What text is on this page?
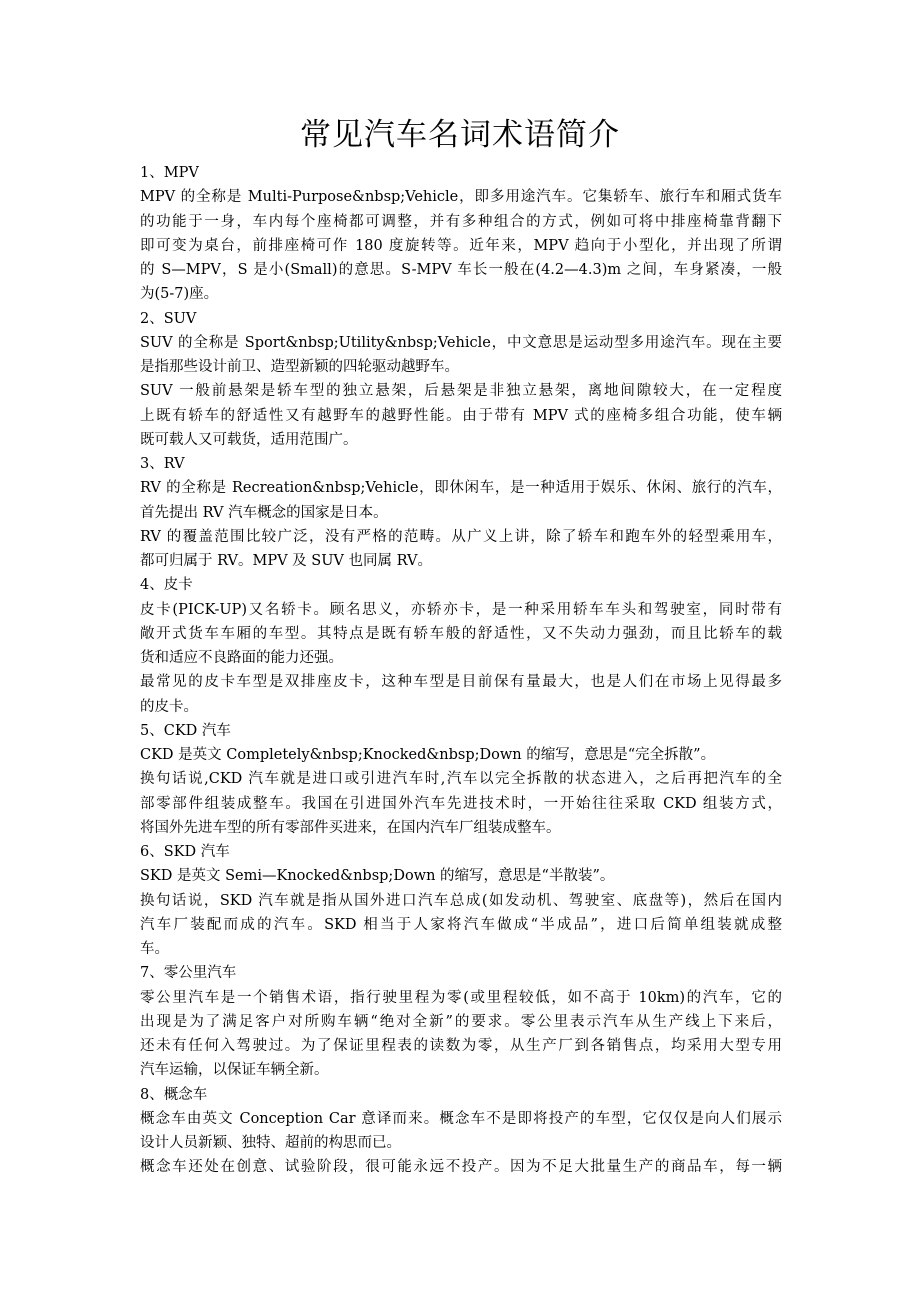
常见汽车名词术语简介
1、MPV
MPV 的全称是 Multi-Purpose&nbsp;Vehicle，即多用途汽车。它集轿车、旅行车和厢式货车
的功能于一身，车内每个座椅都可调整，并有多种组合的方式，例如可将中排座椅靠背翻下
即可变为桌台，前排座椅可作 180 度旋转等。近年来，MPV 趋向于小型化，并出现了所谓
的 S—MPV，S 是小(Small)的意思。S-MPV 车长一般在(4.2—4.3)m 之间，车身紧凑，一般
为(5-7)座。
2、SUV
SUV 的全称是 Sport&nbsp;Utility&nbsp;Vehicle，中文意思是运动型多用途汽车。现在主要
是指那些设计前卫、造型新颖的四轮驱动越野车。
SUV 一般前悬架是轿车型的独立悬架，后悬架是非独立悬架，离地间隙较大，在一定程度
上既有轿车的舒适性又有越野车的越野性能。由于带有 MPV 式的座椅多组合功能，使车辆
既可载人又可载货，适用范围广。
3、RV
RV 的全称是 Recreation&nbsp;Vehicle，即休闲车，是一种适用于娱乐、休闲、旅行的汽车，
首先提出 RV 汽车概念的国家是日本。
RV 的覆盖范围比较广泛，没有严格的范畴。从广义上讲，除了轿车和跑车外的轻型乘用车，
都可归属于 RV。MPV 及 SUV 也同属 RV。
4、皮卡
皮卡(PICK-UP)又名轿卡。顾名思义，亦轿亦卡，是一种采用轿车车头和驾驶室，同时带有
敞开式货车车厢的车型。其特点是既有轿车般的舒适性，又不失动力强劲，而且比轿车的载
货和适应不良路面的能力还强。
最常见的皮卡车型是双排座皮卡，这种车型是目前保有量最大，也是人们在市场上见得最多
的皮卡。
5、CKD 汽车
CKD 是英文 Completely&nbsp;Knocked&nbsp;Down 的缩写，意思是“完全拆散”。
换句话说,CKD 汽车就是进口或引进汽车时,汽车以完全拆散的状态进入，之后再把汽车的全
部零部件组装成整车。我国在引进国外汽车先进技术时，一开始往往采取 CKD 组装方式，
将国外先进车型的所有零部件买进来，在国内汽车厂组装成整车。
6、SKD 汽车
SKD 是英文 Semi—Knocked&nbsp;Down 的缩写，意思是“半散装”。
换句话说，SKD 汽车就是指从国外进口汽车总成(如发动机、驾驶室、底盘等)，然后在国内
汽车厂装配而成的汽车。SKD 相当于人家将汽车做成“半成品”，进口后简单组装就成整
车。
7、零公里汽车
零公里汽车是一个销售术语，指行驶里程为零(或里程较低，如不高于 10km)的汽车，它的
出现是为了满足客户对所购车辆“绝对全新”的要求。零公里表示汽车从生产线上下来后，
还未有任何入驾驶过。为了保证里程表的读数为零，从生产厂到各销售点，均采用大型专用
汽车运输，以保证车辆全新。
8、概念车
概念车由英文 Conception Car 意译而来。概念车不是即将投产的车型，它仅仅是向人们展示
设计人员新颖、独特、超前的构思而已。
概念车还处在创意、试验阶段，很可能永远不投产。因为不足大批量生产的商品车，每一辆
